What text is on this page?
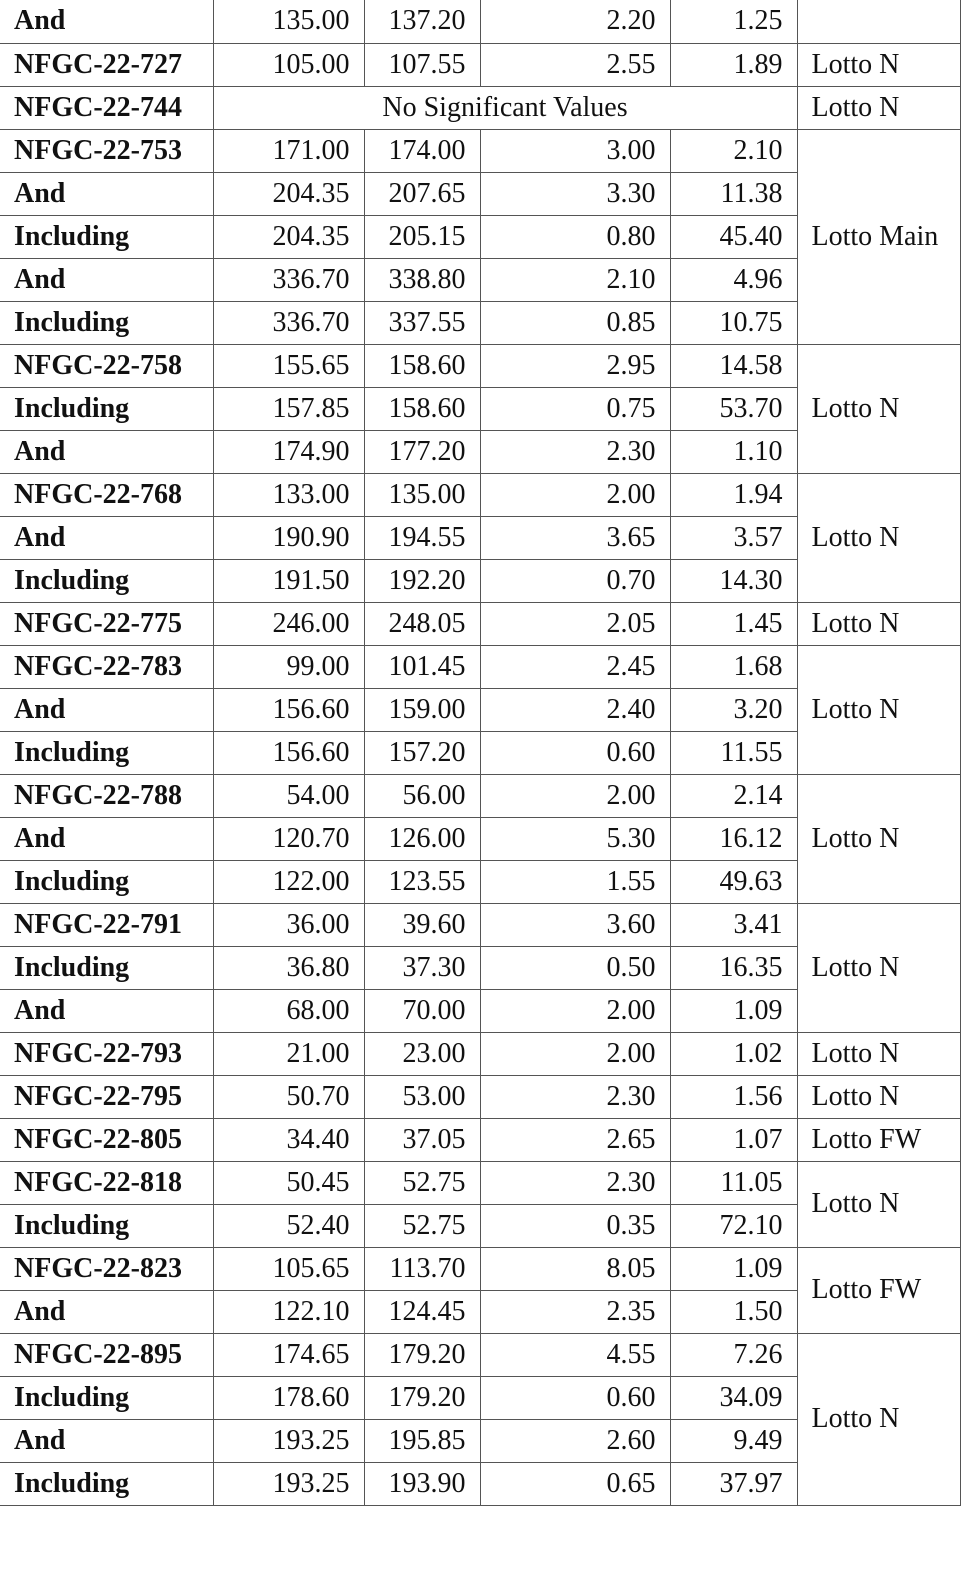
And	135.00	137.20	2.20	1.25	
NFGC-22-727	105.00	107.55	2.55	1.89	Lotto N
NFGC-22-744	No Significant Values				Lotto N
NFGC-22-753	171.00	174.00	3.00	2.10	Lotto Main
And	204.35	207.65	3.30	11.38	
Including	204.35	205.15	0.80	45.40	
And	336.70	338.80	2.10	4.96	
Including	336.70	337.55	0.85	10.75	
NFGC-22-758	155.65	158.60	2.95	14.58	Lotto N
Including	157.85	158.60	0.75	53.70	
And	174.90	177.20	2.30	1.10	
NFGC-22-768	133.00	135.00	2.00	1.94	Lotto N
And	190.90	194.55	3.65	3.57	
Including	191.50	192.20	0.70	14.30	
NFGC-22-775	246.00	248.05	2.05	1.45	Lotto N
NFGC-22-783	99.00	101.45	2.45	1.68	Lotto N
And	156.60	159.00	2.40	3.20	
Including	156.60	157.20	0.60	11.55	
NFGC-22-788	54.00	56.00	2.00	2.14	Lotto N
And	120.70	126.00	5.30	16.12	
Including	122.00	123.55	1.55	49.63	
NFGC-22-791	36.00	39.60	3.60	3.41	Lotto N
Including	36.80	37.30	0.50	16.35	
And	68.00	70.00	2.00	1.09	
NFGC-22-793	21.00	23.00	2.00	1.02	Lotto N
NFGC-22-795	50.70	53.00	2.30	1.56	Lotto N
NFGC-22-805	34.40	37.05	2.65	1.07	Lotto FW
NFGC-22-818	50.45	52.75	2.30	11.05	Lotto N
Including	52.40	52.75	0.35	72.10	
NFGC-22-823	105.65	113.70	8.05	1.09	Lotto FW
And	122.10	124.45	2.35	1.50	
NFGC-22-895	174.65	179.20	4.55	7.26	Lotto N
Including	178.60	179.20	0.60	34.09	
And	193.25	195.85	2.60	9.49	
Including	193.25	193.90	0.65	37.97	
